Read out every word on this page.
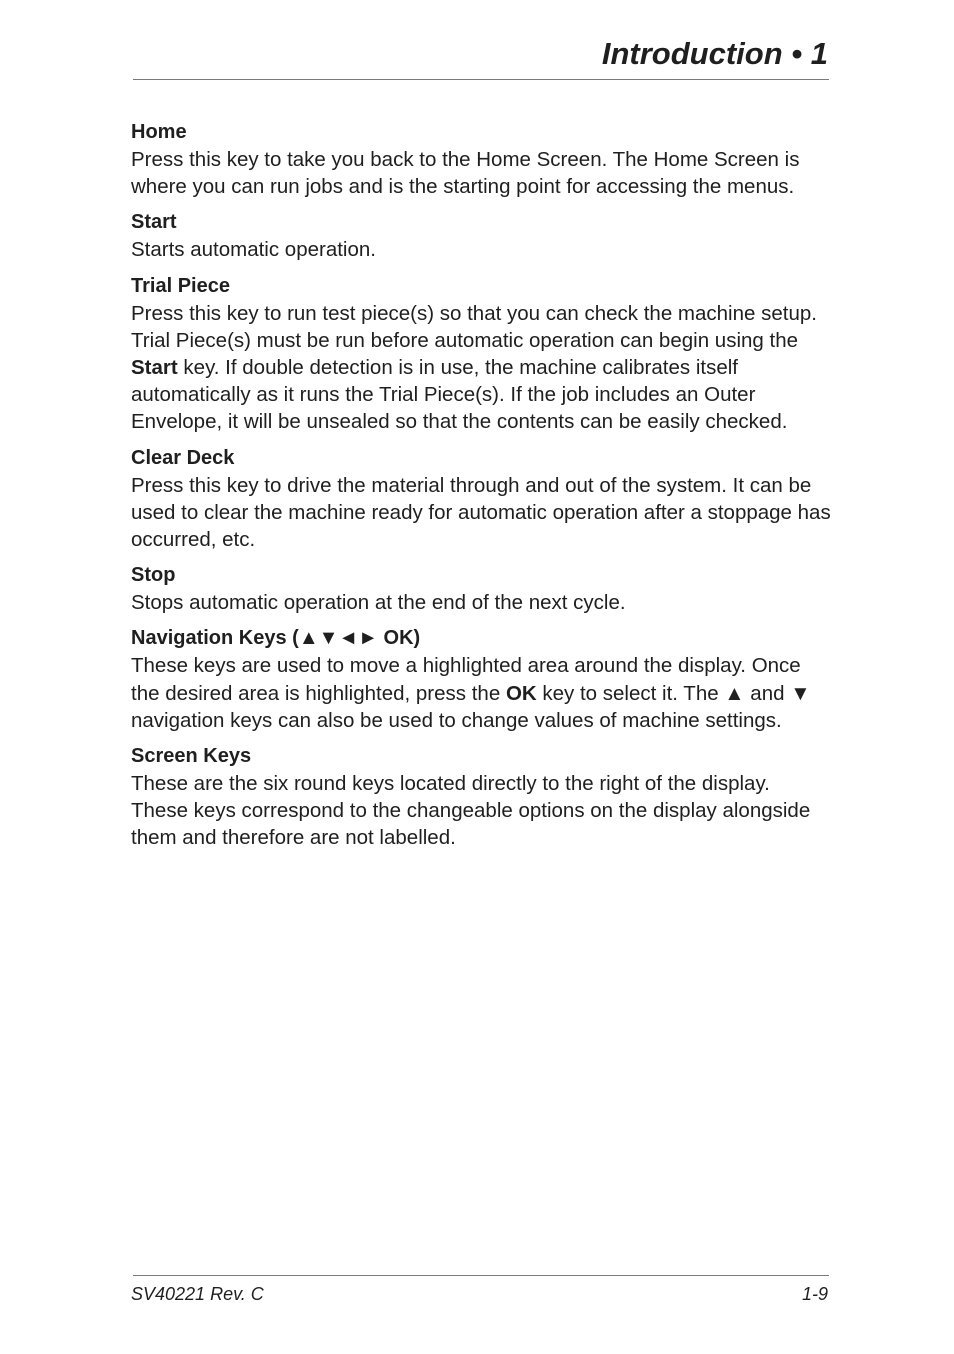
Introduction • 1

Home

Press this key to take you back to the Home Screen. The Home Screen is where you can run jobs and is the starting point for accessing the menus.

Start

Starts automatic operation.

Trial Piece

Press this key to run test piece(s) so that you can check the machine setup. Trial Piece(s) must be run before automatic operation can begin using the Start key. If double detection is in use, the machine calibrates itself automatically as it runs the Trial Piece(s). If the job includes an Outer Envelope, it will be unsealed so that the contents can be easily checked.

Clear Deck

Press this key to drive the material through and out of the system. It can be used to clear the machine ready for automatic operation after a stoppage has occurred, etc.

Stop

Stops automatic operation at the end of the next cycle.

Navigation Keys (▲▼◄► OK)

These keys are used to move a highlighted area around the display. Once the desired area is highlighted, press the OK key to select it. The ▲ and ▼ navigation keys can also be used to change values of machine settings.

Screen Keys

These are the six round keys located directly to the right of the display. These keys correspond to the changeable options on the display alongside them and therefore are not labelled.

SV40221 Rev. C	1-9
